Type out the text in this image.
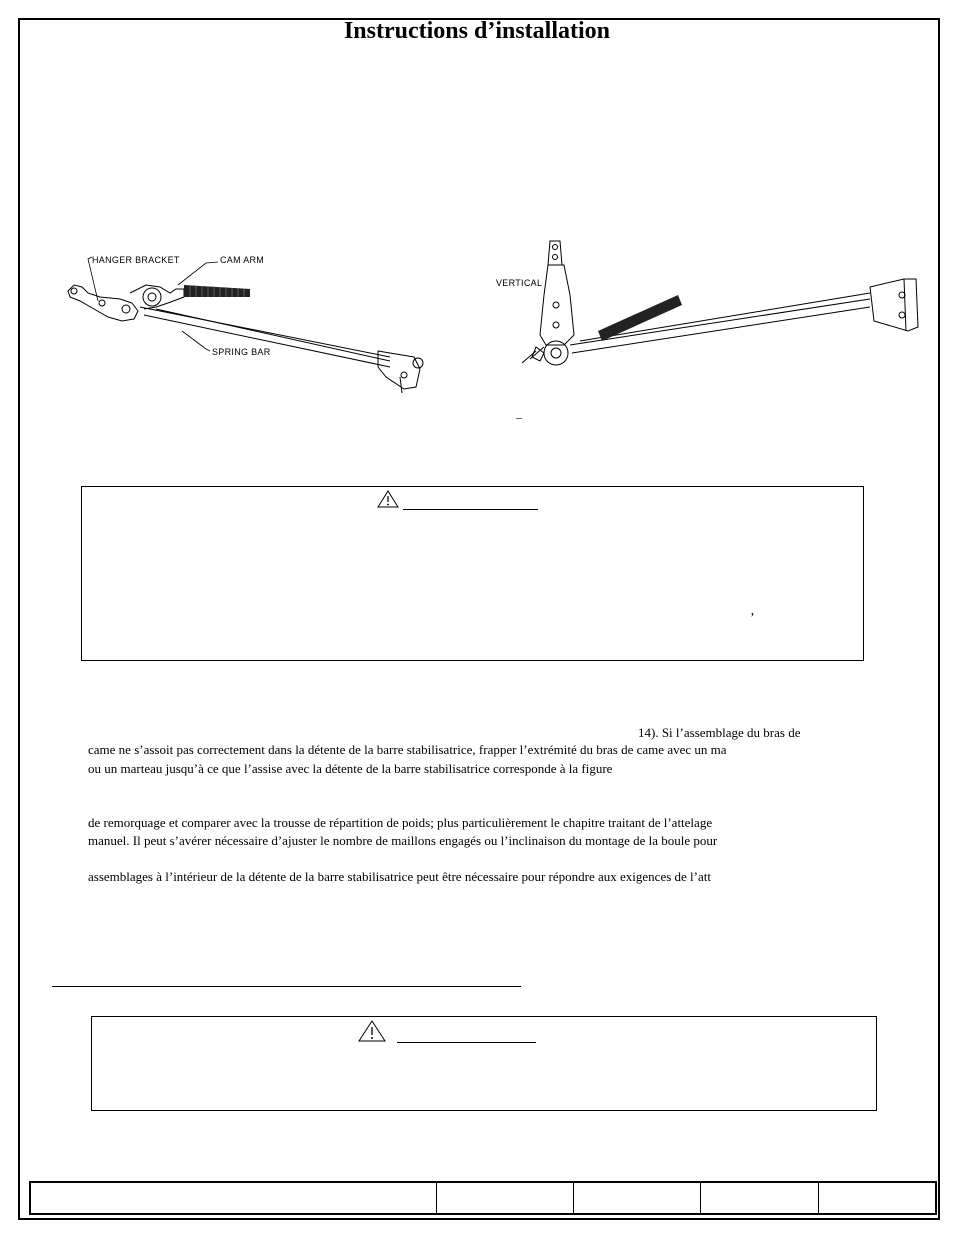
Instructions d’installation
HANGER BRACKET	CAM ARM
SPRING BAR
VERTICAL
–
’
14). Si l’assemblage du bras de
came ne s’assoit pas correctement dans la détente de la barre stabilisatrice, frapper l’extrémité du bras de came avec un ma
ou un marteau jusqu’à ce que l’assise avec la détente de la barre stabilisatrice corresponde à la figure
de remorquage et comparer avec la trousse de répartition de poids; plus particulièrement le chapitre traitant de l’attelage
manuel. Il peut s’avérer nécessaire d’ajuster le nombre de maillons engagés ou l’inclinaison du montage de la boule pour
assemblages à l’intérieur de la détente de la barre stabilisatrice peut être nécessaire pour répondre aux exigences de l’att
